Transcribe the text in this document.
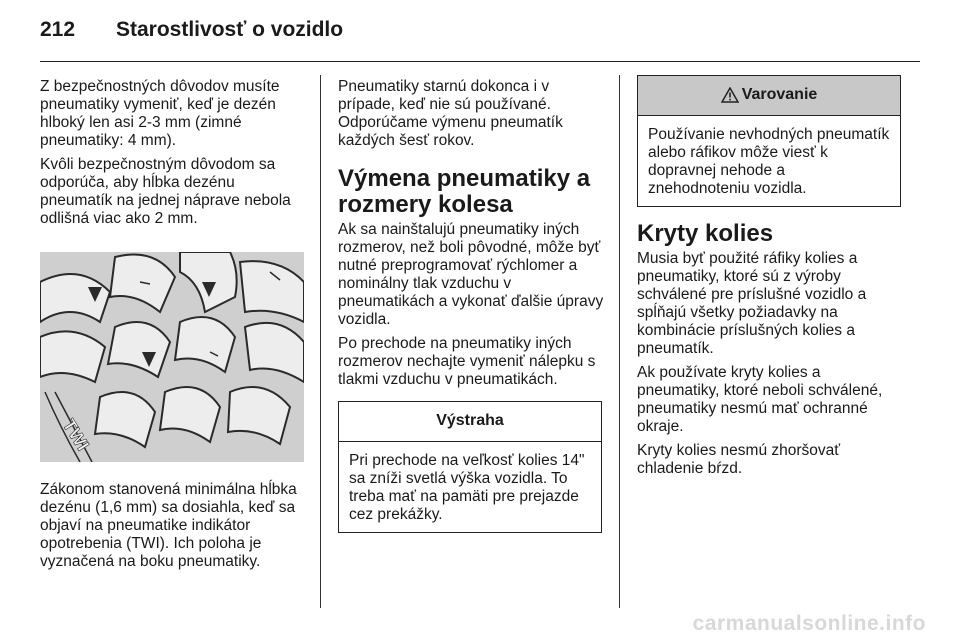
212 Starostlivosť o vozidlo

Z bezpečnostných dôvodov musíte pneumatiky vymeniť, keď je dezén hlboký len asi 2-3 mm (zimné pneumatiky: 4 mm).

Kvôli bezpečnostným dôvodom sa odporúča, aby hĺbka dezénu pneumatík na jednej náprave nebola odlišná viac ako 2 mm.

TWI

Zákonom stanovená minimálna hĺbka dezénu (1,6 mm) sa dosiahla, keď sa objaví na pneumatike indikátor opotrebenia (TWI). Ich poloha je vyznačená na boku pneumatiky.

Pneumatiky starnú dokonca i v prípade, keď nie sú používané. Odporúčame výmenu pneumatík každých šesť rokov.

Výmena pneumatiky a rozmery kolesa

Ak sa nainštalujú pneumatiky iných rozmerov, než boli pôvodné, môže byť nutné preprogramovať rýchlomer a nominálny tlak vzduchu v pneumatikách a vykonať ďalšie úpravy vozidla.

Po prechode na pneumatiky iných rozmerov nechajte vymeniť nálepku s tlakmi vzduchu v pneumatikách.

Výstraha

Pri prechode na veľkosť kolies 14" sa zníži svetlá výška vozidla. To treba mať na pamäti pre prejazde cez prekážky.

Varovanie

Používanie nevhodných pneumatík alebo ráfikov môže viesť k dopravnej nehode a znehodnoteniu vozidla.

Kryty kolies

Musia byť použité ráfiky kolies a pneumatiky, ktoré sú z výroby schválené pre príslušné vozidlo a spĺňajú všetky požiadavky na kombinácie príslušných kolies a pneumatík.

Ak používate kryty kolies a pneumatiky, ktoré neboli schválené, pneumatiky nesmú mať ochranné okraje.

Kryty kolies nesmú zhoršovať chladenie bŕzd.

carmanualsonline.info
